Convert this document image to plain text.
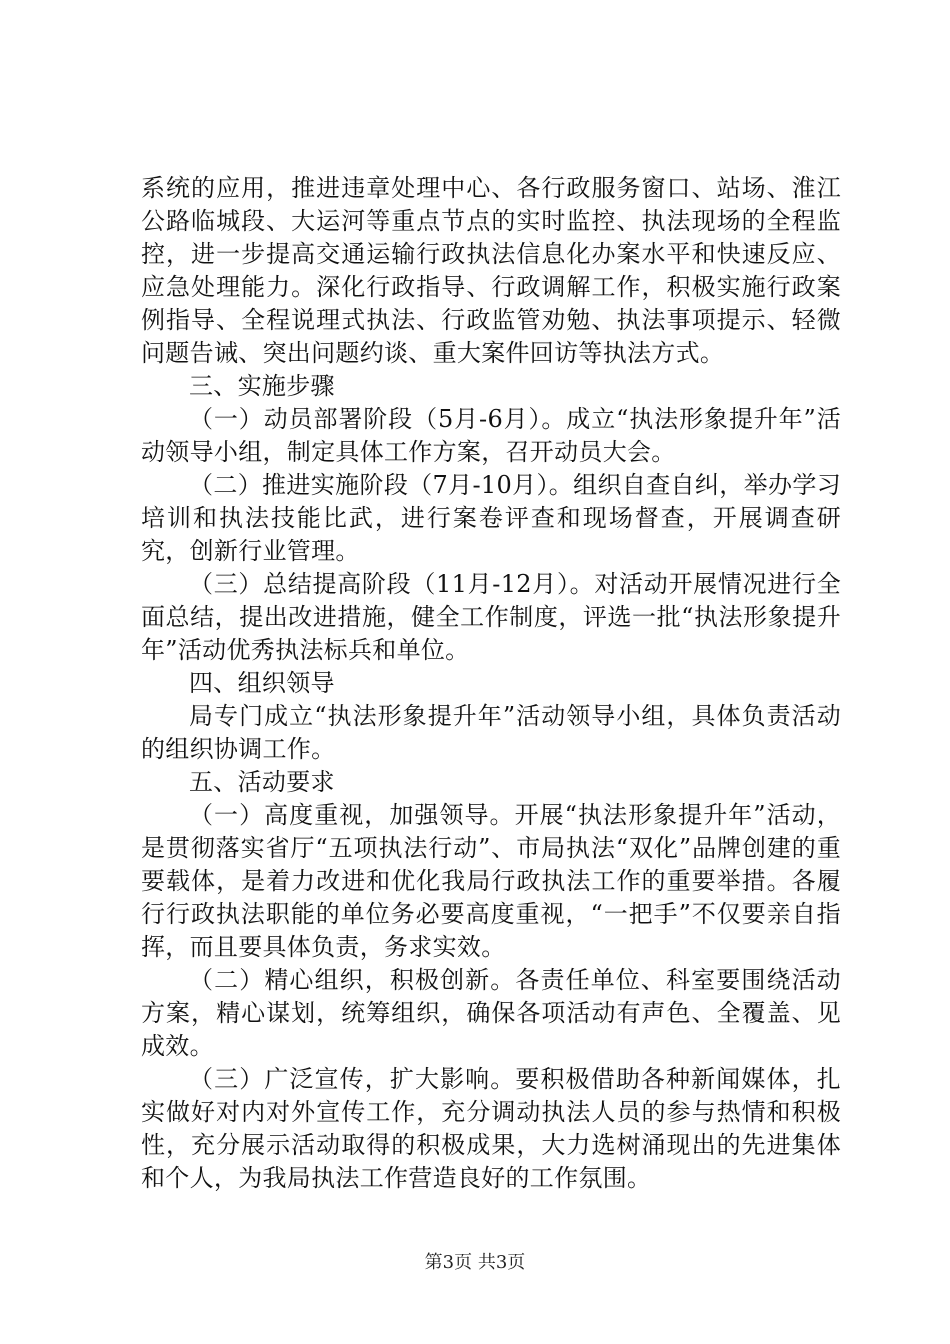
系统的应用，推进违章处理中心、各行政服务窗口、站场、淮江公路临城段、大运河等重点节点的实时监控、执法现场的全程监控，进一步提高交通运输行政执法信息化办案水平和快速反应、应急处理能力。深化行政指导、行政调解工作，积极实施行政案例指导、全程说理式执法、行政监管劝勉、执法事项提示、轻微问题告诫、突出问题约谈、重大案件回访等执法方式。

三、实施步骤

（一）动员部署阶段（5月-6月）。成立“执法形象提升年”活动领导小组，制定具体工作方案，召开动员大会。

（二）推进实施阶段（7月-10月）。组织自查自纠，举办学习培训和执法技能比武，进行案卷评查和现场督查，开展调查研究，创新行业管理。

（三）总结提高阶段（11月-12月）。对活动开展情况进行全面总结，提出改进措施，健全工作制度，评选一批“执法形象提升年”活动优秀执法标兵和单位。

四、组织领导

局专门成立“执法形象提升年”活动领导小组，具体负责活动的组织协调工作。

五、活动要求

（一）高度重视，加强领导。开展“执法形象提升年”活动，是贯彻落实省厅“五项执法行动”、市局执法“双化”品牌创建的重要载体，是着力改进和优化我局行政执法工作的重要举措。各履行行政执法职能的单位务必要高度重视，“一把手”不仅要亲自指挥，而且要具体负责，务求实效。

（二）精心组织，积极创新。各责任单位、科室要围绕活动方案，精心谋划，统筹组织，确保各项活动有声色、全覆盖、见成效。

（三）广泛宣传，扩大影响。要积极借助各种新闻媒体，扎实做好对内对外宣传工作，充分调动执法人员的参与热情和积极性，充分展示活动取得的积极成果，大力选树涌现出的先进集体和个人，为我局执法工作营造良好的工作氛围。

第3页 共3页
